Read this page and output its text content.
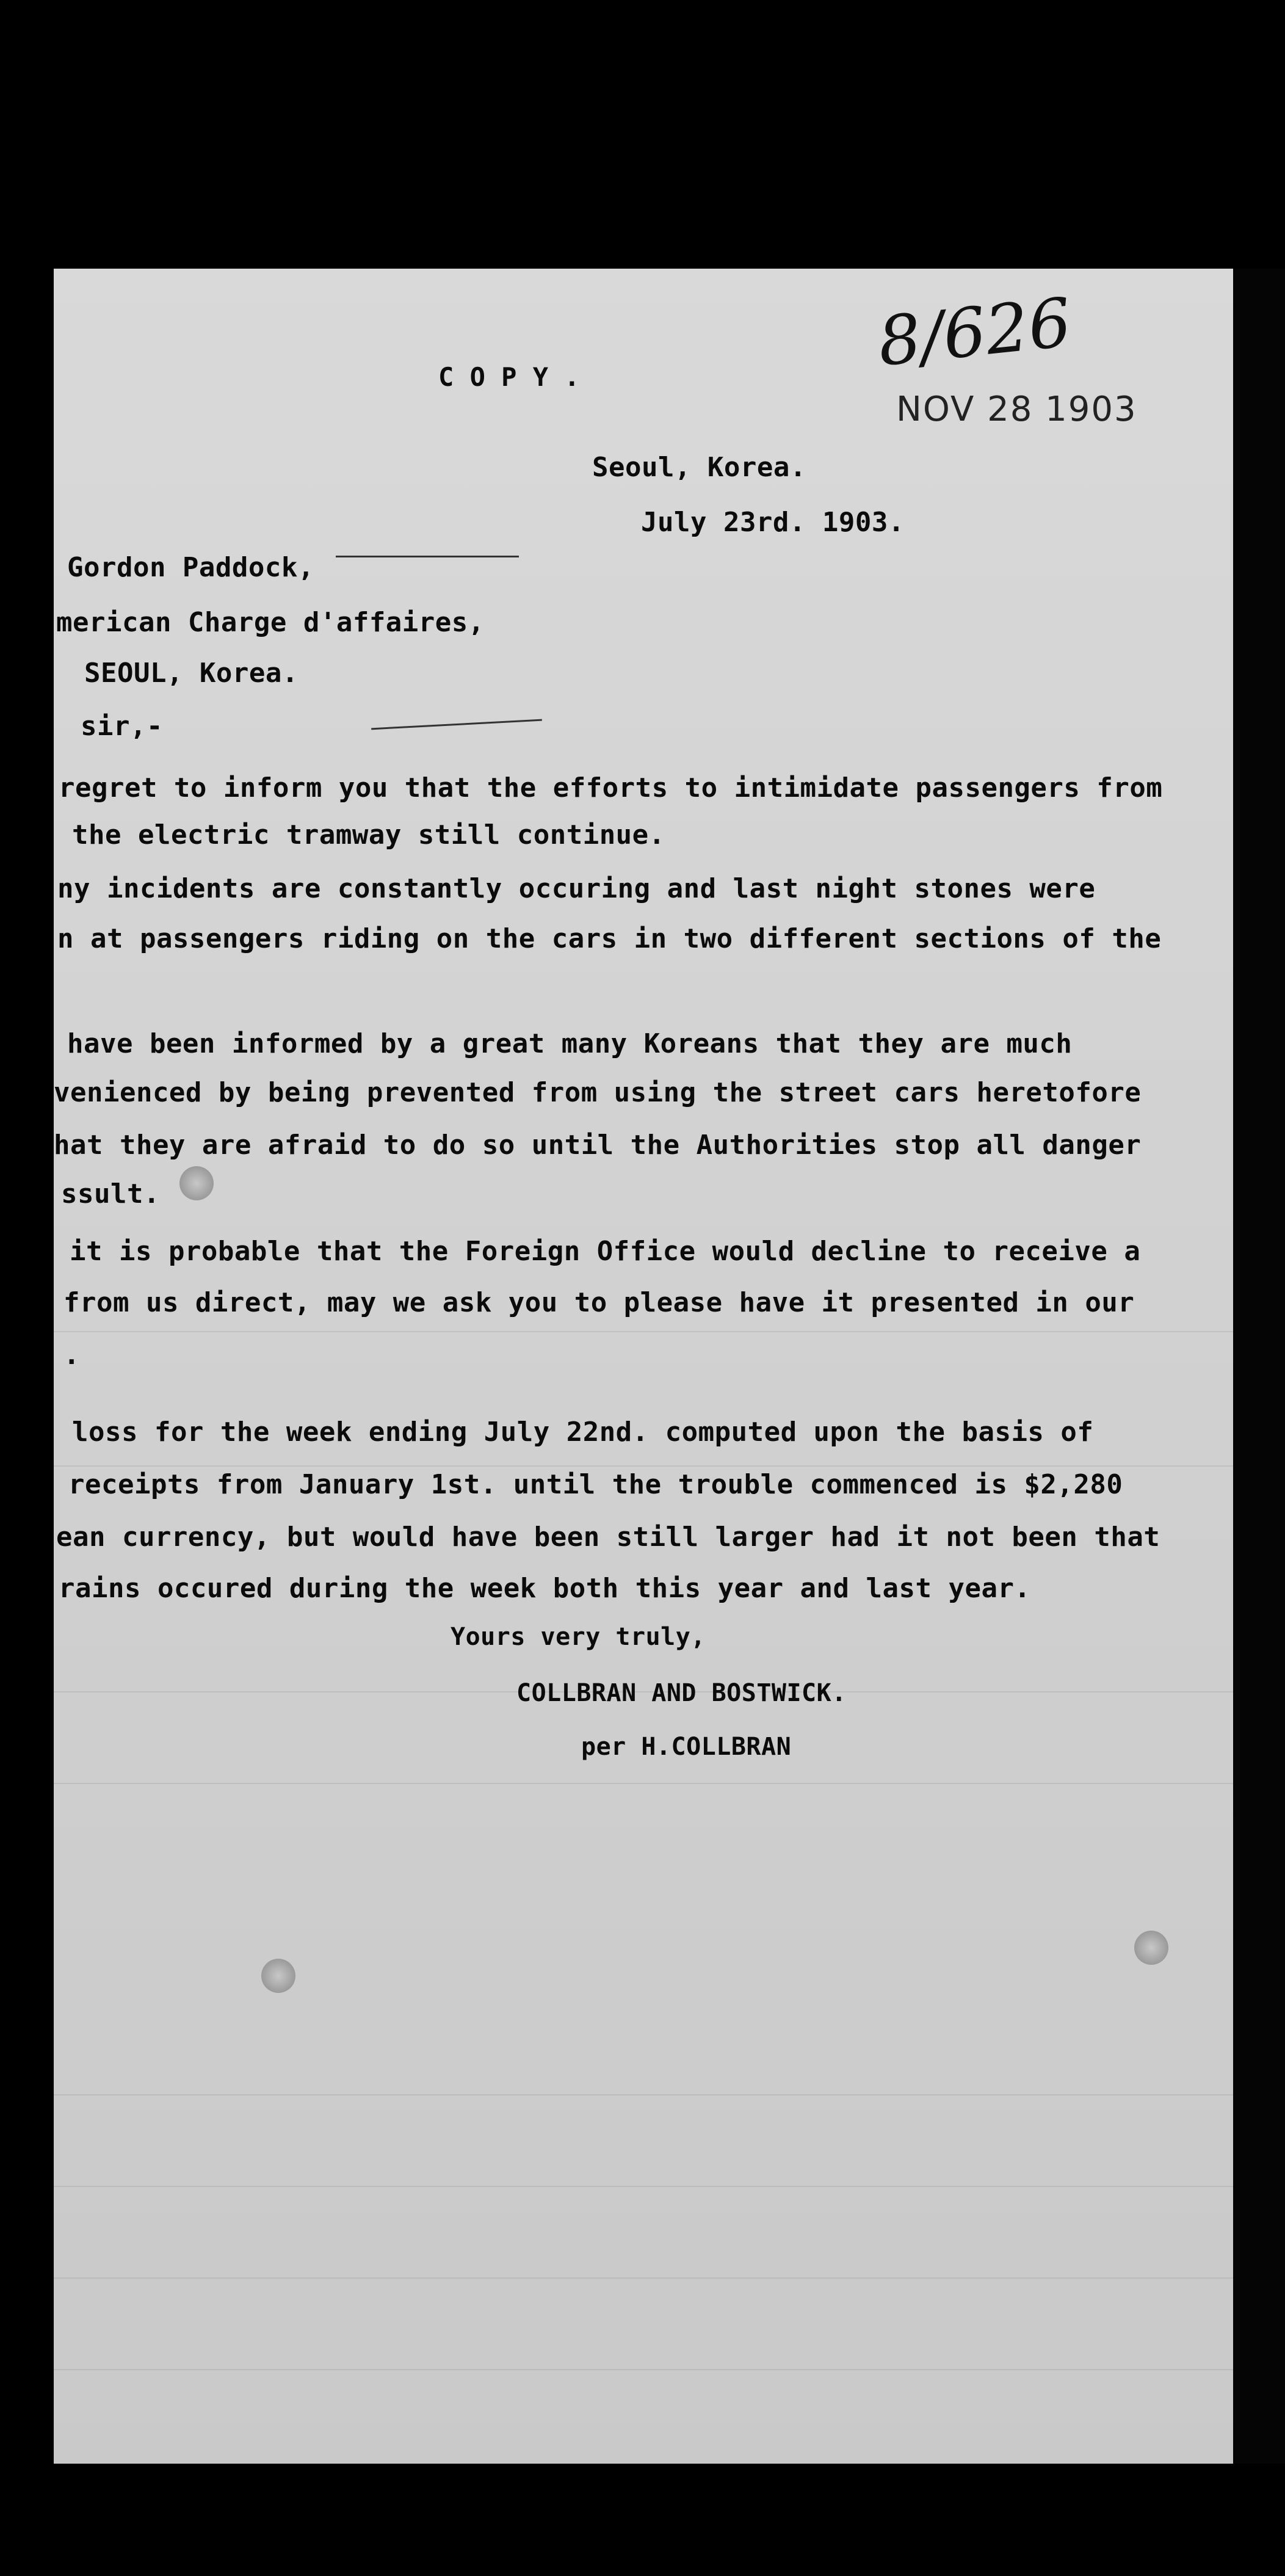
C O P Y .	8/626
NOV 28 1903
Seoul, Korea.
July 23rd. 1903.
Gordon Paddock,
merican Charge d'affaires,
SEOUL, Korea.
sir,-
regret to inform you that the efforts to intimidate passengers from
the electric tramway still continue.
ny incidents are constantly occuring and last night stones were
n at passengers riding on the cars in two different sections of the
have been informed by a great many Koreans that they are much
venienced by being prevented from using the street cars heretofore
hat they are afraid to do so until the Authorities stop all danger
ssult.
it is probable that the Foreign Office would decline to receive a
from us direct, may we ask you to please have it presented in our
.
loss for the week ending July 22nd. computed upon the basis of
receipts from January 1st. until the trouble commenced is $2,280
ean currency, but would have been still larger had it not been that
rains occured during the week both this year and last year.
Yours very truly,
COLLBRAN AND BOSTWICK.
per H.COLLBRAN
